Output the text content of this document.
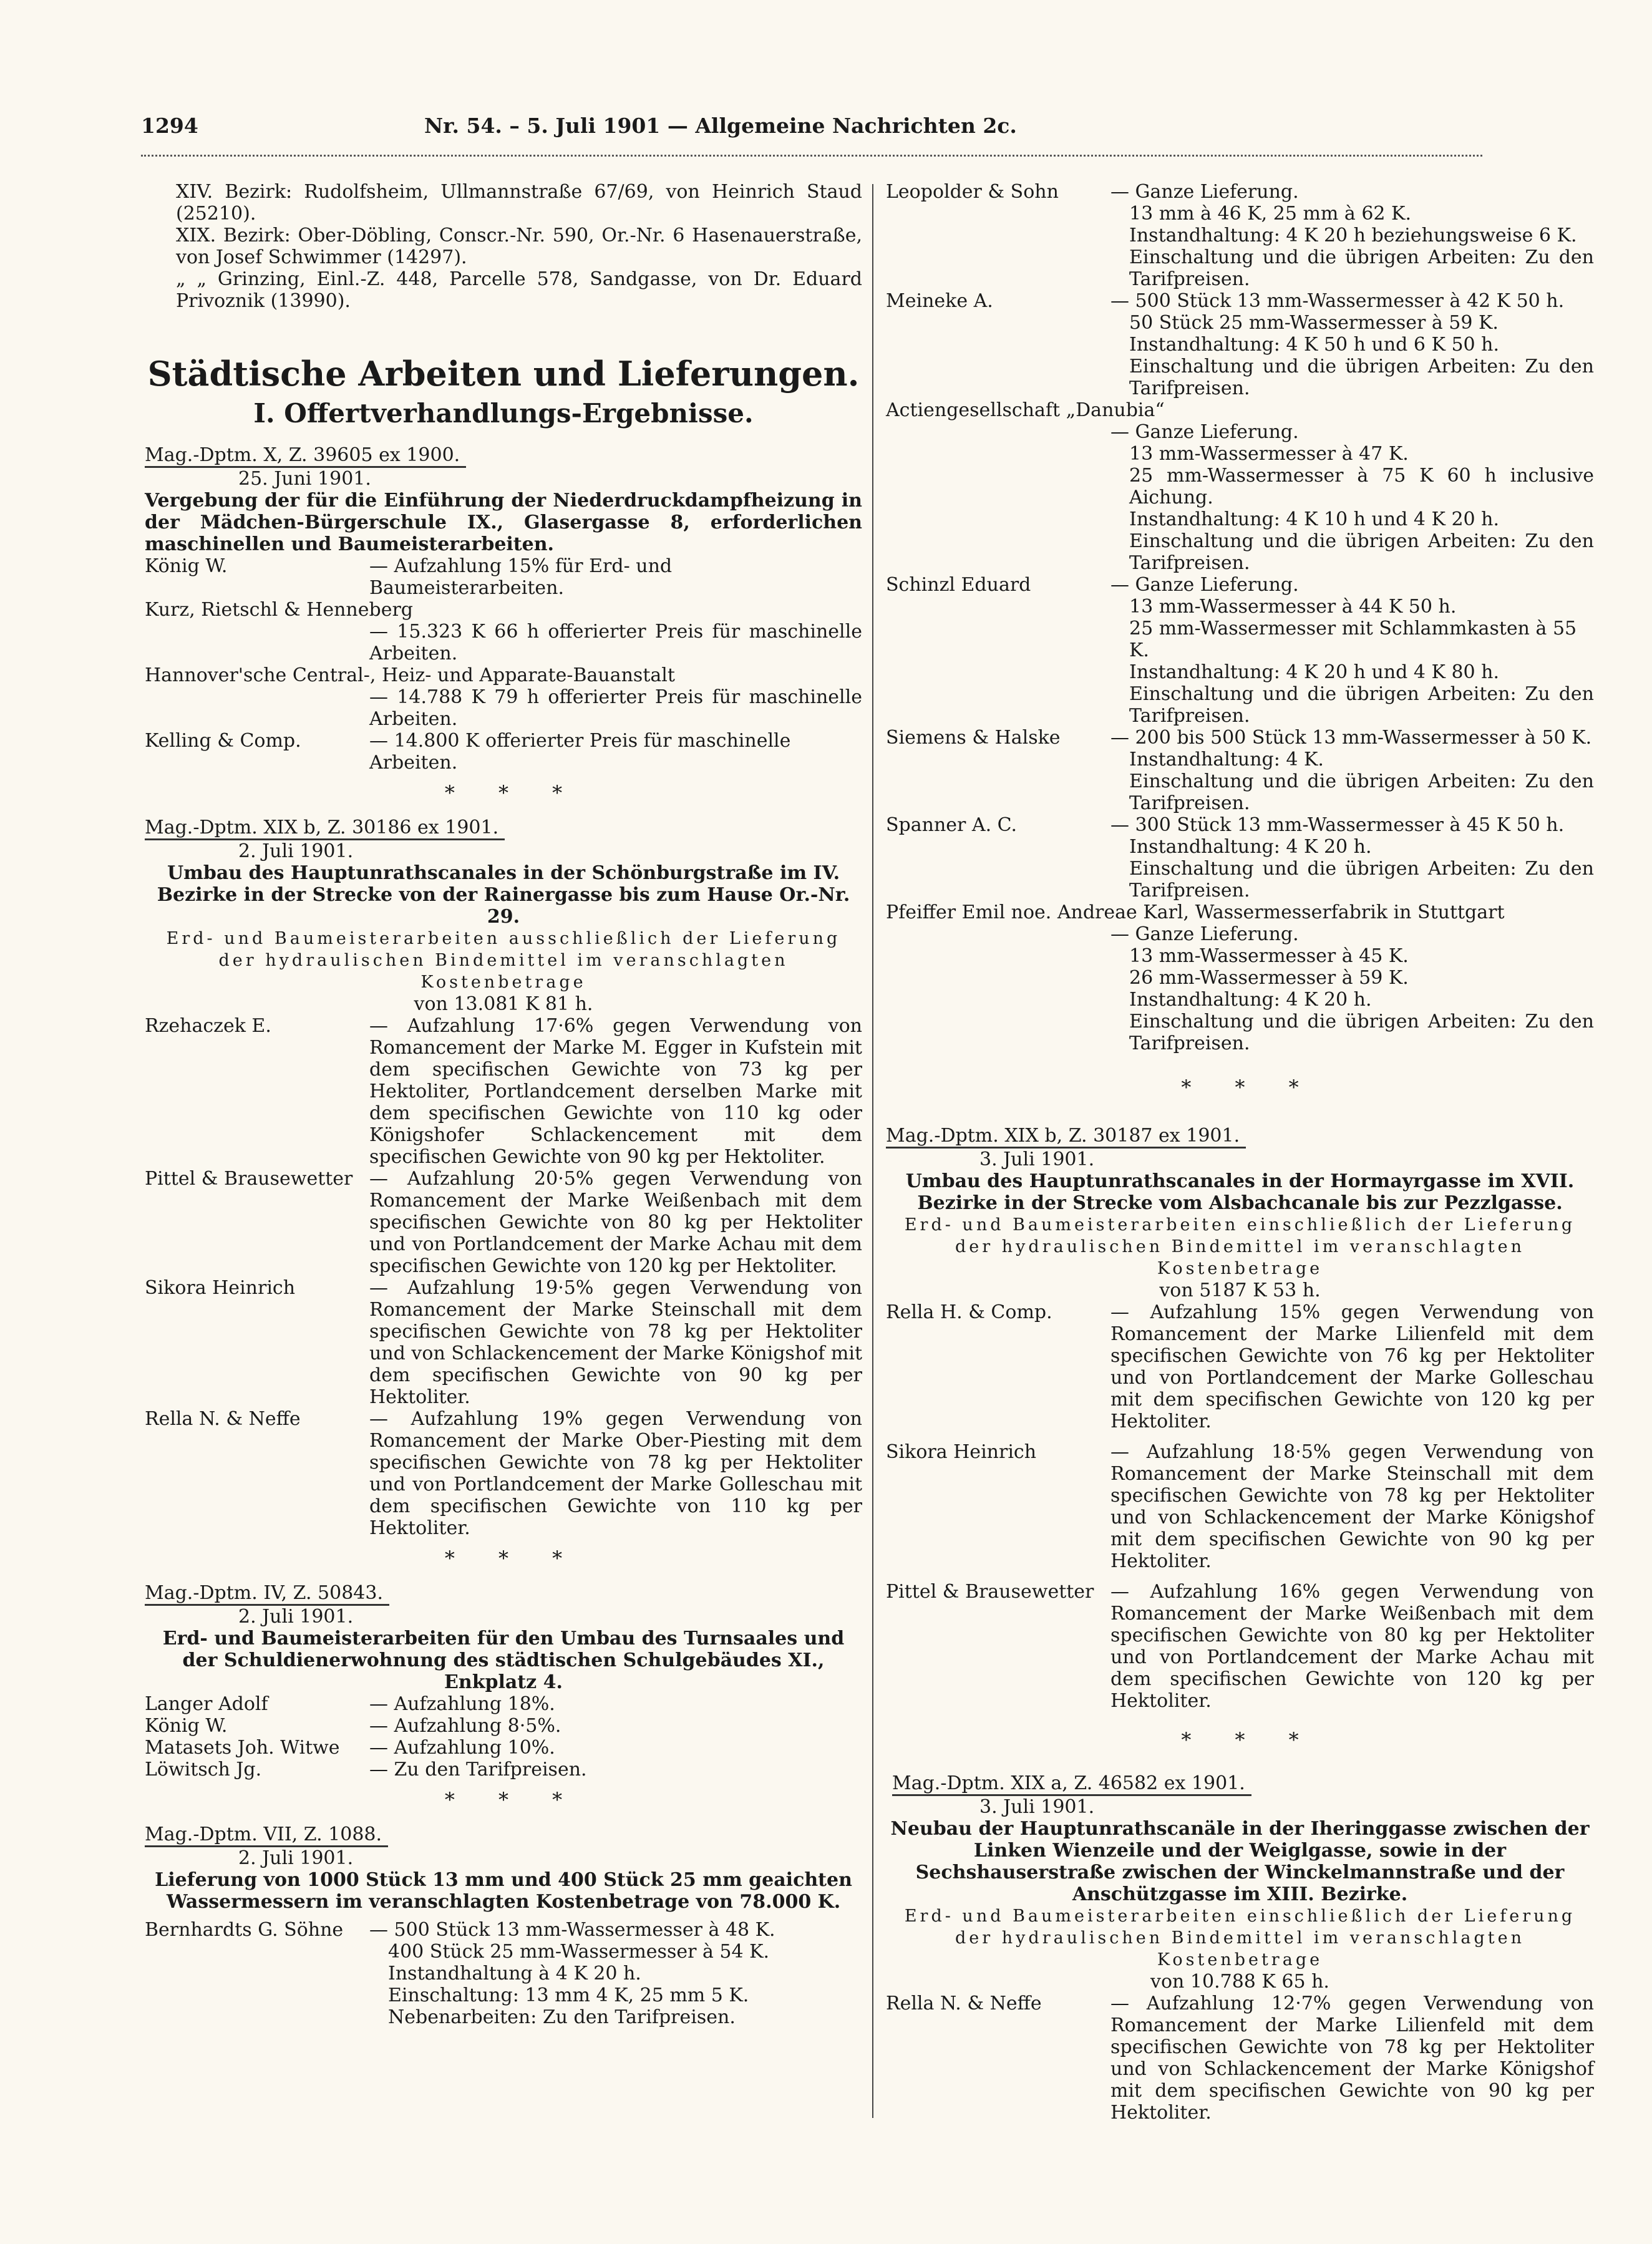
1294	Nr. 54. – 5. Juli 1901 — Allgemeine Nachrichten 2c.

XIV. Bezirk: Rudolfsheim, Ullmannstraße 67/69, von Heinrich Staud (25210).

XIX. Bezirk: Ober-Döbling, Conscr.-Nr. 590, Or.-Nr. 6 Hasenauerstraße, von Josef Schwimmer (14297).

„ „ Grinzing, Einl.-Z. 448, Parcelle 578, Sandgasse, von Dr. Eduard Privoznik (13990).

Städtische Arbeiten und Lieferungen.
I. Offertverhandlungs-Ergebnisse.
Mag.-Dptm. X, Z. 39605 ex 1900.
25. Juni 1901.

Vergebung der für die Einführung der Niederdruckdampfheizung in der Mädchen-Bürgerschule IX., Glasergasse 8, erforderlichen maschinellen und Baumeisterarbeiten.

König W.	— Aufzahlung 15% für Erd- und Baumeisterarbeiten.
Kurz, Rietschl & Henneberg
— 15.323 K 66 h offerierter Preis für maschinelle Arbeiten.
Hannover'sche Central-, Heiz- und Apparate-Bauanstalt
— 14.788 K 79 h offerierter Preis für maschinelle Arbeiten.
Kelling & Comp.	— 14.800 K offerierter Preis für maschinelle Arbeiten.
* * *
Mag.-Dptm. XIX b, Z. 30186 ex 1901.
2. Juli 1901.

Umbau des Hauptunrathscanales in der Schönburgstraße im IV. Bezirke in der Strecke von der Rainergasse bis zum Hause Or.-Nr. 29.

Erd- und Baumeisterarbeiten ausschließlich der Lieferung der hydraulischen Bindemittel im veranschlagten Kostenbetrage

von 13.081 K 81 h.

Rzehaczek E.	— Aufzahlung 17·6% gegen Verwendung von Romancement der Marke M. Egger in Kufstein mit dem specifischen Gewichte von 73 kg per Hektoliter, Portlandcement derselben Marke mit dem specifischen Gewichte von 110 kg oder Königshofer Schlackencement mit dem specifischen Gewichte von 90 kg per Hektoliter.
Pittel & Brausewetter — Aufzahlung 20·5% gegen Verwendung von Romancement der Marke Weißenbach mit dem specifischen Gewichte von 80 kg per Hektoliter und von Portlandcement der Marke Achau mit dem specifischen Gewichte von 120 kg per Hektoliter.
Sikora Heinrich	— Aufzahlung 19·5% gegen Verwendung von Romancement der Marke Steinschall mit dem specifischen Gewichte von 78 kg per Hektoliter und von Schlackencement der Marke Königshof mit dem specifischen Gewichte von 90 kg per Hektoliter.
Rella N. & Neffe	— Aufzahlung 19% gegen Verwendung von Romancement der Marke Ober-Piesting mit dem specifischen Gewichte von 78 kg per Hektoliter und von Portlandcement der Marke Golleschau mit dem specifischen Gewichte von 110 kg per Hektoliter.
* * *
Mag.-Dptm. IV, Z. 50843.
2. Juli 1901.

Erd- und Baumeisterarbeiten für den Umbau des Turnsaales und der Schuldienerwohnung des städtischen Schulgebäudes XI., Enkplatz 4.

Langer Adolf	— Aufzahlung 18%.
König W.	— Aufzahlung 8·5%.
Matasets Joh. Witwe	— Aufzahlung 10%.
Löwitsch Jg.	— Zu den Tarifpreisen.
* * *
Mag.-Dptm. VII, Z. 1088.
2. Juli 1901.

Lieferung von 1000 Stück 13 mm und 400 Stück 25 mm geaichten Wassermessern im veranschlagten Kostenbetrage von 78.000 K.

Bernhardts G. Söhne	— 500 Stück 13 mm-Wassermesser à 48 K.
400 Stück 25 mm-Wassermesser à 54 K.
Instandhaltung à 4 K 20 h.
Einschaltung: 13 mm 4 K, 25 mm 5 K.
Nebenarbeiten: Zu den Tarifpreisen.
Leopolder & Sohn	— Ganze Lieferung.
13 mm à 46 K, 25 mm à 62 K.
Instandhaltung: 4 K 20 h beziehungsweise 6 K.
Einschaltung und die übrigen Arbeiten: Zu den Tarifpreisen.
Meineke A.	— 500 Stück 13 mm-Wassermesser à 42 K 50 h.
50 Stück 25 mm-Wassermesser à 59 K.
Instandhaltung: 4 K 50 h und 6 K 50 h.
Einschaltung und die übrigen Arbeiten: Zu den Tarifpreisen.
Actiengesellschaft „Danubia“
— Ganze Lieferung.
13 mm-Wassermesser à 47 K.
25 mm-Wassermesser à 75 K 60 h inclusive Aichung.
Instandhaltung: 4 K 10 h und 4 K 20 h.
Einschaltung und die übrigen Arbeiten: Zu den Tarifpreisen.
Schinzl Eduard	— Ganze Lieferung.
13 mm-Wassermesser à 44 K 50 h.
25 mm-Wassermesser mit Schlammkasten à 55 K.
Instandhaltung: 4 K 20 h und 4 K 80 h.
Einschaltung und die übrigen Arbeiten: Zu den Tarifpreisen.
Siemens & Halske	— 200 bis 500 Stück 13 mm-Wassermesser à 50 K.
Instandhaltung: 4 K.
Einschaltung und die übrigen Arbeiten: Zu den Tarifpreisen.
Spanner A. C.	— 300 Stück 13 mm-Wassermesser à 45 K 50 h.
Instandhaltung: 4 K 20 h.
Einschaltung und die übrigen Arbeiten: Zu den Tarifpreisen.
Pfeiffer Emil noe. Andreae Karl, Wassermesserfabrik in Stuttgart
— Ganze Lieferung.
13 mm-Wassermesser à 45 K.
26 mm-Wassermesser à 59 K.
Instandhaltung: 4 K 20 h.
Einschaltung und die übrigen Arbeiten: Zu den Tarifpreisen.
* * *
Mag.-Dptm. XIX b, Z. 30187 ex 1901.
3. Juli 1901.

Umbau des Hauptunrathscanales in der Hormayrgasse im XVII. Bezirke in der Strecke vom Alsbachcanale bis zur Pezzlgasse.

Erd- und Baumeisterarbeiten einschließlich der Lieferung der hydraulischen Bindemittel im veranschlagten Kostenbetrage

von 5187 K 53 h.

Rella H. & Comp.	— Aufzahlung 15% gegen Verwendung von Romancement der Marke Lilienfeld mit dem specifischen Gewichte von 76 kg per Hektoliter und von Portlandcement der Marke Golleschau mit dem specifischen Gewichte von 120 kg per Hektoliter.
Sikora Heinrich	— Aufzahlung 18·5% gegen Verwendung von Romancement der Marke Steinschall mit dem specifischen Gewichte von 78 kg per Hektoliter und von Schlackencement der Marke Königshof mit dem specifischen Gewichte von 90 kg per Hektoliter.
Pittel & Brausewetter — Aufzahlung 16% gegen Verwendung von Romancement der Marke Weißenbach mit dem specifischen Gewichte von 80 kg per Hektoliter und von Portlandcement der Marke Achau mit dem specifischen Gewichte von 120 kg per Hektoliter.
* * *
Mag.-Dptm. XIX a, Z. 46582 ex 1901.
3. Juli 1901.

Neubau der Hauptunrathscanäle in der Iheringgasse zwischen der Linken Wienzeile und der Weiglgasse, sowie in der Sechshauserstraße zwischen der Winckelmannstraße und der Anschützgasse im XIII. Bezirke.

Erd- und Baumeisterarbeiten einschließlich der Lieferung der hydraulischen Bindemittel im veranschlagten Kostenbetrage

von 10.788 K 65 h.

Rella N. & Neffe	— Aufzahlung 12·7% gegen Verwendung von Romancement der Marke Lilienfeld mit dem specifischen Gewichte von 78 kg per Hektoliter und von Schlackencement der Marke Königshof mit dem specifischen Gewichte von 90 kg per Hektoliter.
